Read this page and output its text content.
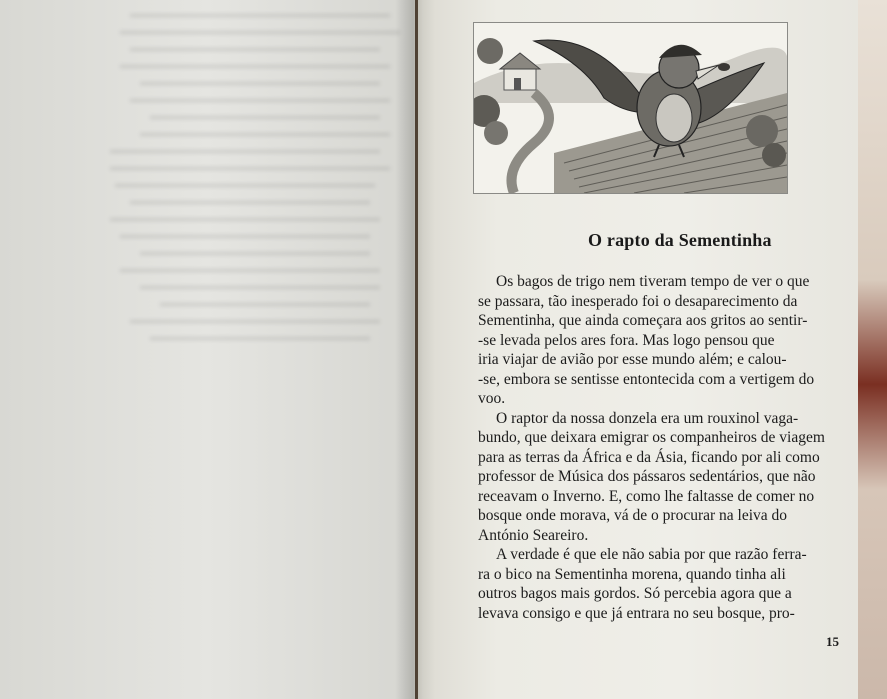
O rapto da Sementinha

Os bagos de trigo nem tiveram tempo de ver o que
se passara, tão inesperado foi o desaparecimento da
Sementinha, que ainda começara aos gritos ao sentir-
-se levada pelos ares fora. Mas logo pensou que
iria viajar de avião por esse mundo além; e calou-
-se, embora se sentisse entontecida com a vertigem do
voo.

O raptor da nossa donzela era um rouxinol vaga-
bundo, que deixara emigrar os companheiros de viagem
para as terras da África e da Ásia, ficando por ali como
professor de Música dos pássaros sedentários, que não
receavam o Inverno. E, como lhe faltasse de comer no
bosque onde morava, vá de o procurar na leiva do
António Seareiro.

A verdade é que ele não sabia por que razão ferra-
ra o bico na Sementinha morena, quando tinha ali
outros bagos mais gordos. Só percebia agora que a
levava consigo e que já entrara no seu bosque, pro-

15
